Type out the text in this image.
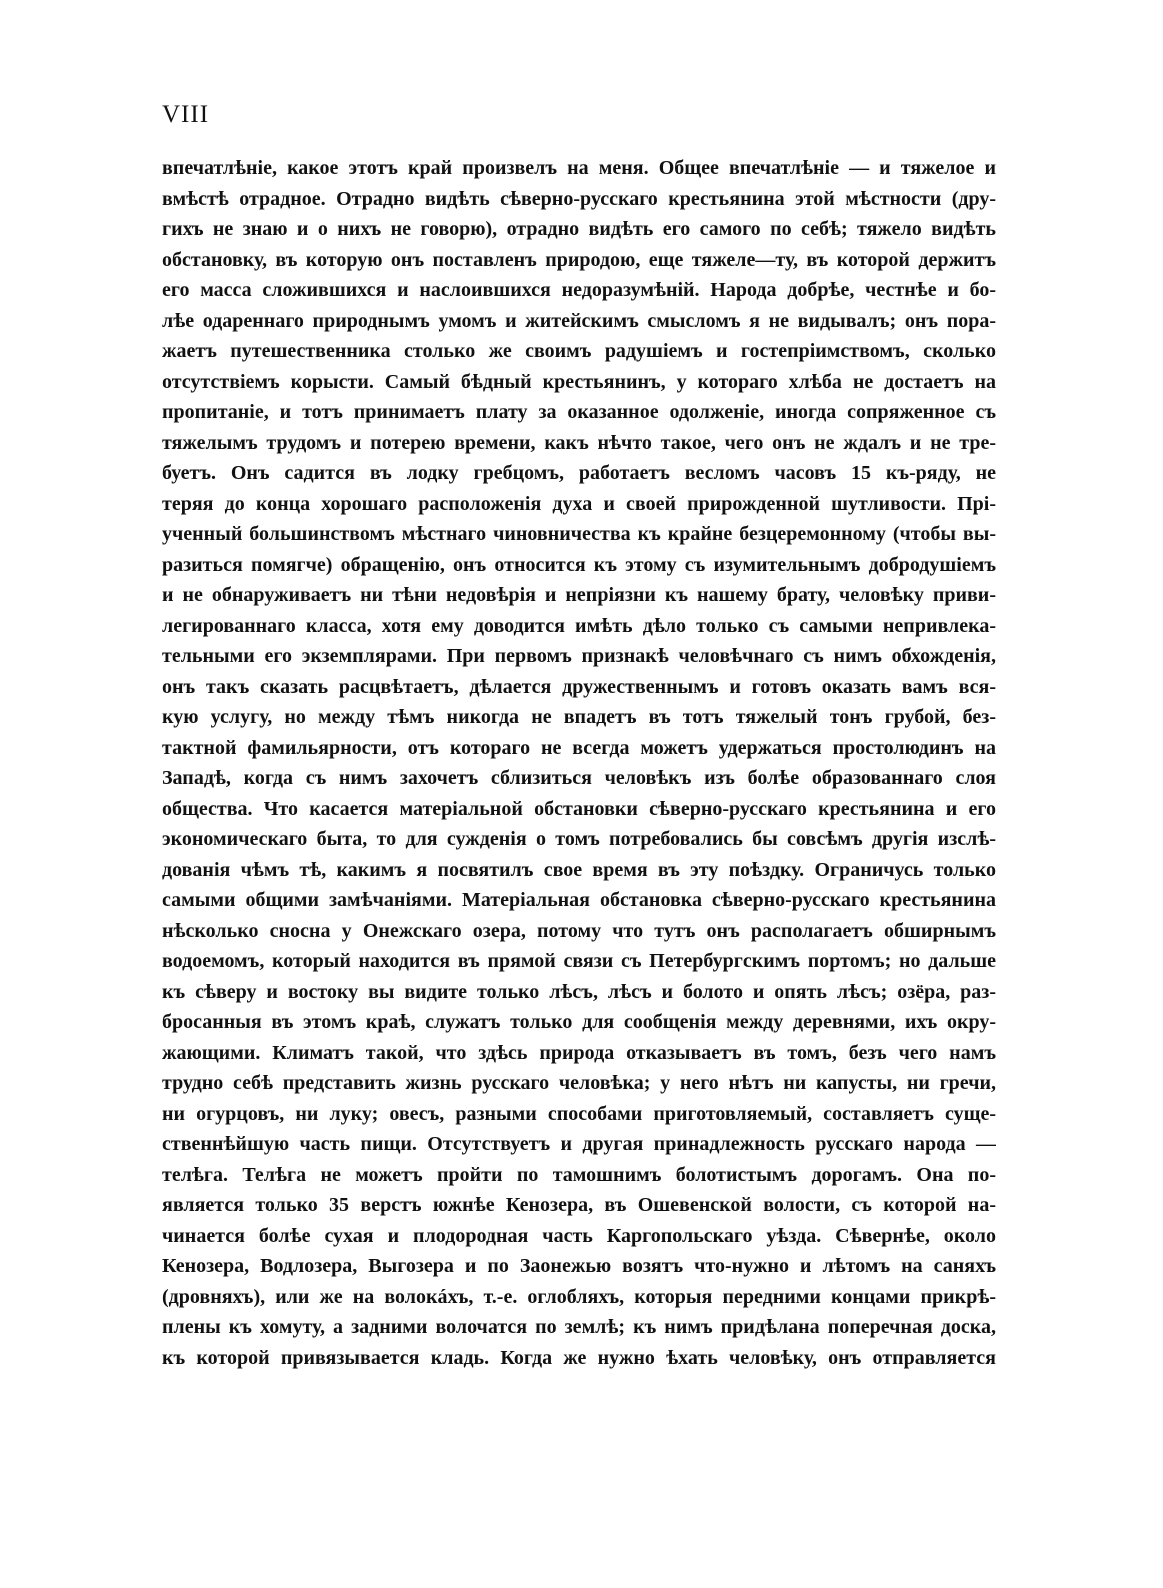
VIII
впечатлѣніе, какое этотъ край произвелъ на меня. Общее впечатлѣніе — и тяжелое и
вмѣстѣ отрадное. Отрадно видѣть сѣверно-русскаго крестьянина этой мѣстности (дру-
гихъ не знаю и о нихъ не говорю), отрадно видѣть его самого по себѣ; тяжело видѣть
обстановку, въ которую онъ поставленъ природою, еще тяжеле—ту, въ которой держитъ
его масса сложившихся и наслоившихся недоразумѣній. Народа добрѣе, честнѣе и бо-
лѣе одареннаго природнымъ умомъ и житейскимъ смысломъ я не видывалъ; онъ пора-
жаетъ путешественника столько же своимъ радушіемъ и гостепріимствомъ, сколько
отсутствіемъ корысти. Самый бѣдный крестьянинъ, у котораго хлѣба не достаетъ на
пропитаніе, и тотъ принимаетъ плату за оказанное одолженіе, иногда сопряженное съ
тяжелымъ трудомъ и потерею времени, какъ нѣчто такое, чего онъ не ждалъ и не тре-
буетъ. Онъ садится въ лодку гребцомъ, работаетъ весломъ часовъ 15 къ-ряду, не
теряя до конца хорошаго расположенія духа и своей прирожденной шутливости. Прі-
ученный большинствомъ мѣстнаго чиновничества къ крайне безцеремонному (чтобы вы-
разиться помягче) обращенію, онъ относится къ этому съ изумительнымъ добродушіемъ
и не обнаруживаетъ ни тѣни недовѣрія и непріязни къ нашему брату, человѣку приви-
легированнаго класса, хотя ему доводится имѣть дѣло только съ самыми непривлека-
тельными его экземплярами. При первомъ признакѣ человѣчнаго съ нимъ обхожденія,
онъ такъ сказать расцвѣтаетъ, дѣлается дружественнымъ и готовъ оказать вамъ вся-
кую услугу, но между тѣмъ никогда не впадетъ въ тотъ тяжелый тонъ грубой, без-
тактной фамильярности, отъ котораго не всегда можетъ удержаться простолюдинъ на
Западѣ, когда съ нимъ захочетъ сблизиться человѣкъ изъ болѣе образованнаго слоя
общества. Что касается матеріальной обстановки сѣверно-русскаго крестьянина и его
экономическаго быта, то для сужденія о томъ потребовались бы совсѣмъ другія изслѣ-
дованія чѣмъ тѣ, какимъ я посвятилъ свое время въ эту поѣздку. Ограничусь только
самыми общими замѣчаніями. Матеріальная обстановка сѣверно-русскаго крестьянина
нѣсколько сносна у Онежскаго озера, потому что тутъ онъ располагаетъ обширнымъ
водоемомъ, который находится въ прямой связи съ Петербургскимъ портомъ; но дальше
къ сѣверу и востоку вы видите только лѣсъ, лѣсъ и болото и опять лѣсъ; озёра, раз-
бросанныя въ этомъ краѣ, служатъ только для сообщенія между деревнями, ихъ окру-
жающими. Климатъ такой, что здѣсь природа отказываетъ въ томъ, безъ чего намъ
трудно себѣ представить жизнь русскаго человѣка; у него нѣтъ ни капусты, ни гречи,
ни огурцовъ, ни луку; овесъ, разными способами приготовляемый, составляетъ суще-
ственнѣйшую часть пищи. Отсутствуетъ и другая принадлежность русскаго народа —
телѣга. Телѣга не можетъ пройти по тамошнимъ болотистымъ дорогамъ. Она по-
является только 35 верстъ южнѣе Кенозера, въ Ошевенской волости, съ которой на-
чинается болѣе сухая и плодородная часть Каргопольскаго уѣзда. Сѣвернѣе, около
Кенозера, Водлозера, Выгозера и по Заонежью возятъ что-нужно и лѣтомъ на саняхъ
(дровняхъ), или же на волокáхъ, т.-е. оглобляхъ, которыя передними концами прикрѣ-
плены къ хомуту, а задними волочатся по землѣ; къ нимъ придѣлана поперечная доска,
къ которой привязывается кладь. Когда же нужно ѣхать человѣку, онъ отправляется
